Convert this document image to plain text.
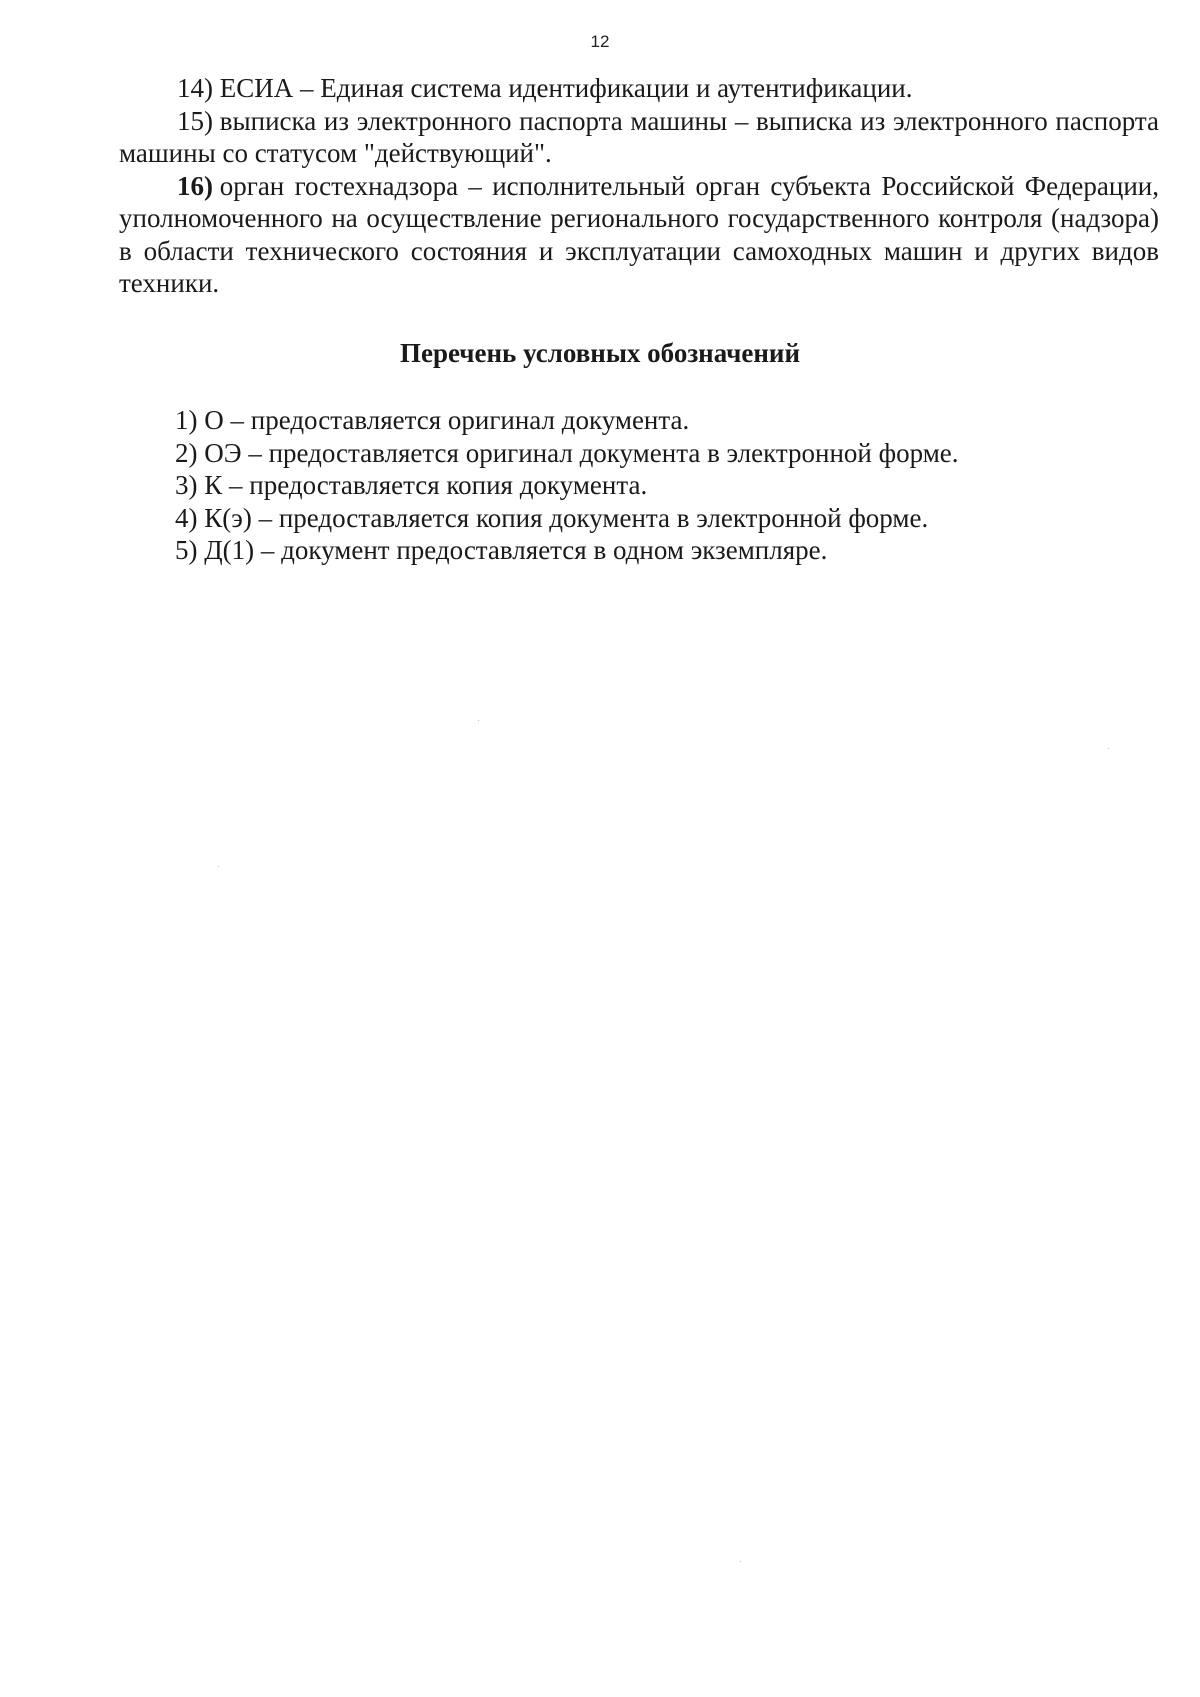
12

14) ЕСИА – Единая система идентификации и аутентификации.

15) выписка из электронного паспорта машины – выписка из электронного паспорта машины со статусом "действующий".

16) орган гостехнадзора – исполнительный орган субъекта Российской Федерации, уполномоченного на осуществление регионального государственного контроля (надзора) в области технического состояния и эксплуатации самоходных машин и других видов техники.

Перечень условных обозначений
1) О – предоставляется оригинал документа.
2) ОЭ – предоставляется оригинал документа в электронной форме.
3) К – предоставляется копия документа.
4) К(э) – предоставляется копия документа в электронной форме.
5) Д(1) – документ предоставляется в одном экземпляре.
